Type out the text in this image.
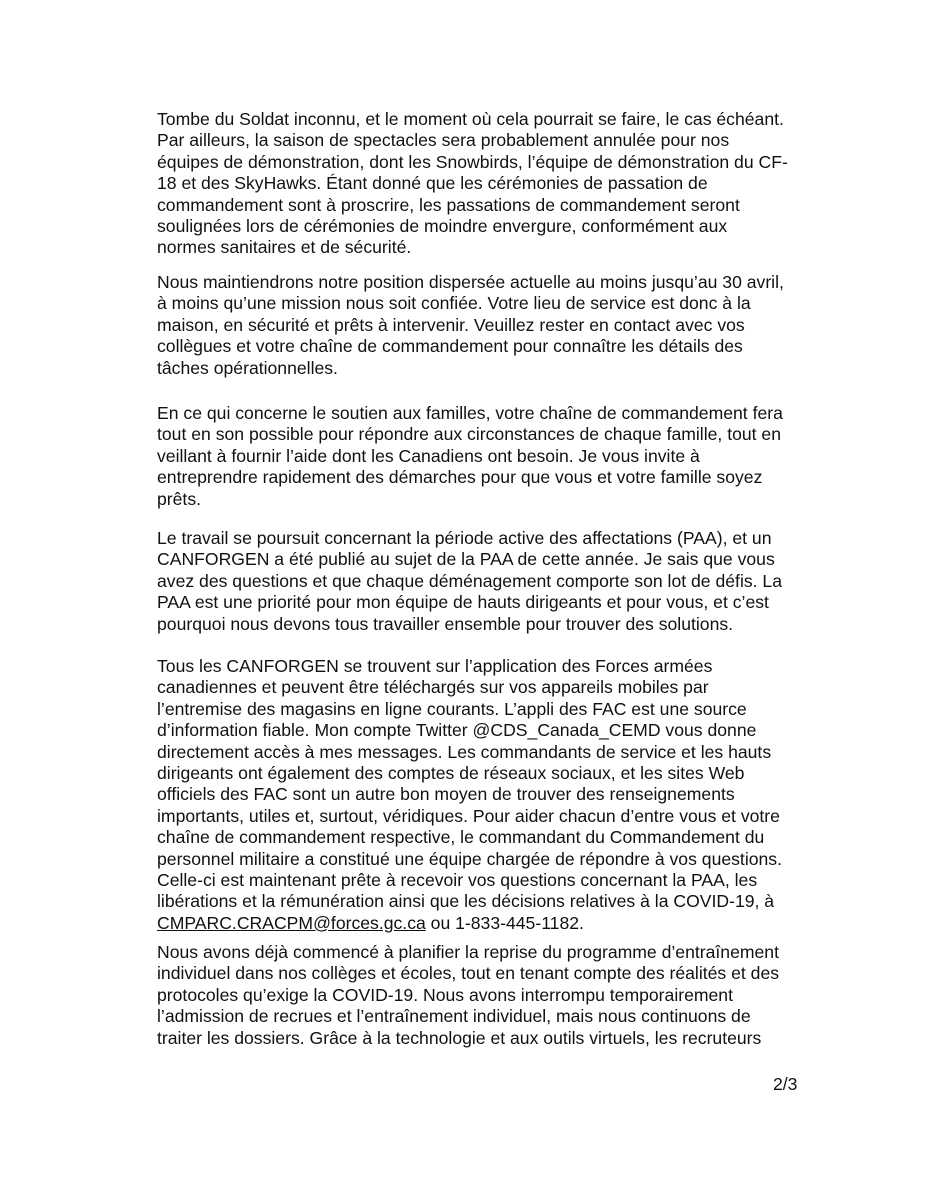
Tombe du Soldat inconnu, et le moment où cela pourrait se faire, le cas échéant.
Par ailleurs, la saison de spectacles sera probablement annulée pour nos
équipes de démonstration, dont les Snowbirds, l’équipe de démonstration du CF-
18 et des SkyHawks. Étant donné que les cérémonies de passation de
commandement sont à proscrire, les passations de commandement seront
soulignées lors de cérémonies de moindre envergure, conformément aux
normes sanitaires et de sécurité.

Nous maintiendrons notre position dispersée actuelle au moins jusqu’au 30 avril,
à moins qu’une mission nous soit confiée. Votre lieu de service est donc à la
maison, en sécurité et prêts à intervenir. Veuillez rester en contact avec vos
collègues et votre chaîne de commandement pour connaître les détails des
tâches opérationnelles.

En ce qui concerne le soutien aux familles, votre chaîne de commandement fera
tout en son possible pour répondre aux circonstances de chaque famille, tout en
veillant à fournir l’aide dont les Canadiens ont besoin. Je vous invite à
entreprendre rapidement des démarches pour que vous et votre famille soyez
prêts.

Le travail se poursuit concernant la période active des affectations (PAA), et un
CANFORGEN a été publié au sujet de la PAA de cette année. Je sais que vous
avez des questions et que chaque déménagement comporte son lot de défis. La
PAA est une priorité pour mon équipe de hauts dirigeants et pour vous, et c’est
pourquoi nous devons tous travailler ensemble pour trouver des solutions.

Tous les CANFORGEN se trouvent sur l’application des Forces armées
canadiennes et peuvent être téléchargés sur vos appareils mobiles par
l’entremise des magasins en ligne courants. L’appli des FAC est une source
d’information fiable. Mon compte Twitter @CDS_Canada_CEMD vous donne
directement accès à mes messages. Les commandants de service et les hauts
dirigeants ont également des comptes de réseaux sociaux, et les sites Web
officiels des FAC sont un autre bon moyen de trouver des renseignements
importants, utiles et, surtout, véridiques. Pour aider chacun d’entre vous et votre
chaîne de commandement respective, le commandant du Commandement du
personnel militaire a constitué une équipe chargée de répondre à vos questions.
Celle-ci est maintenant prête à recevoir vos questions concernant la PAA, les
libérations et la rémunération ainsi que les décisions relatives à la COVID-19, à
CMPARC.CRACPM@forces.gc.ca ou 1-833-445-1182.

Nous avons déjà commencé à planifier la reprise du programme d’entraînement
individuel dans nos collèges et écoles, tout en tenant compte des réalités et des
protocoles qu’exige la COVID-19. Nous avons interrompu temporairement
l’admission de recrues et l’entraînement individuel, mais nous continuons de
traiter les dossiers. Grâce à la technologie et aux outils virtuels, les recruteurs

2/3
